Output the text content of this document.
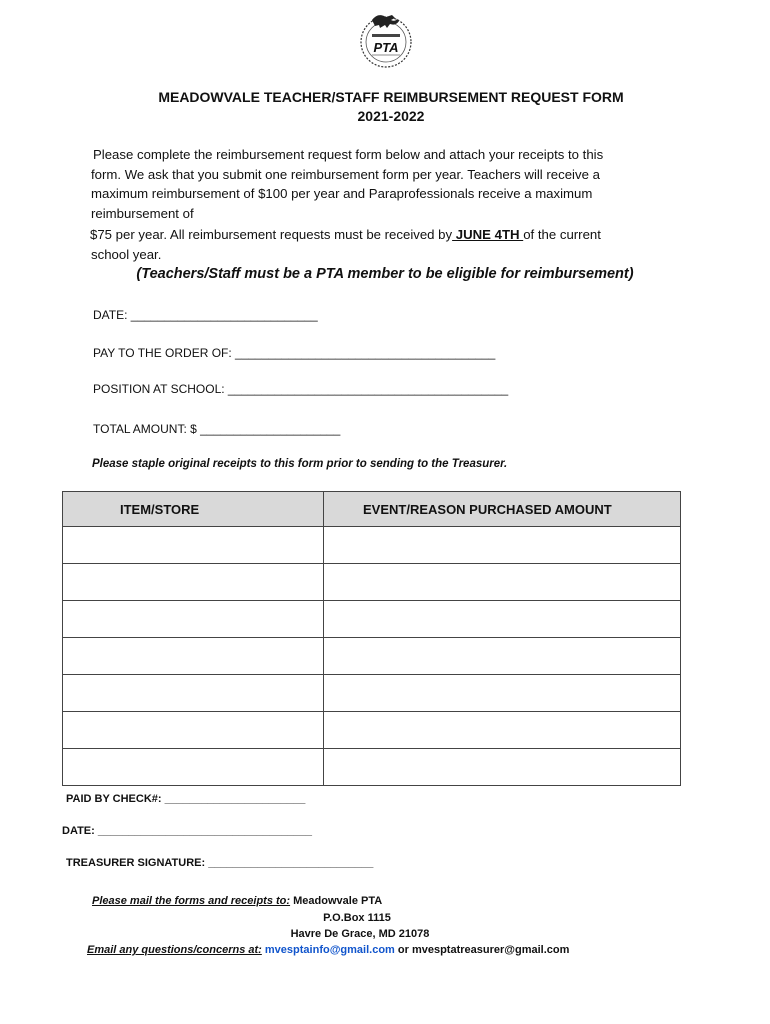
PTA
MEADOWVALE TEACHER/STAFF REIMBURSEMENT REQUEST FORM
2021-2022

Please complete the reimbursement request form below and attach your receipts to this

form. We ask that you submit one reimbursement form per year. Teachers will receive a

maximum reimbursement of $100 per year and Paraprofessionals receive a maximum

reimbursement of

$75 per year. All reimbursement requests must be received by JUNE 4TH of the current

school year.

(Teachers/Staff must be a PTA member to be eligible for reimbursement)
DATE: ____________________________
PAY TO THE ORDER OF: _______________________________________
POSITION AT SCHOOL: __________________________________________
TOTAL AMOUNT: $ _____________________
Please staple original receipts to this form prior to sending to the Treasurer.
ITEM/STORE	EVENT/REASON PURCHASED AMOUNT

PAID BY CHECK#: _______________________
DATE: ___________________________________
TREASURER SIGNATURE: ___________________________
Please mail the forms and receipts to: Meadowvale PTA
P.O.Box 1115
Havre De Grace, MD 21078
Email any questions/concerns at: mvesptainfo@gmail.com or mvesptatreasurer@gmail.com
